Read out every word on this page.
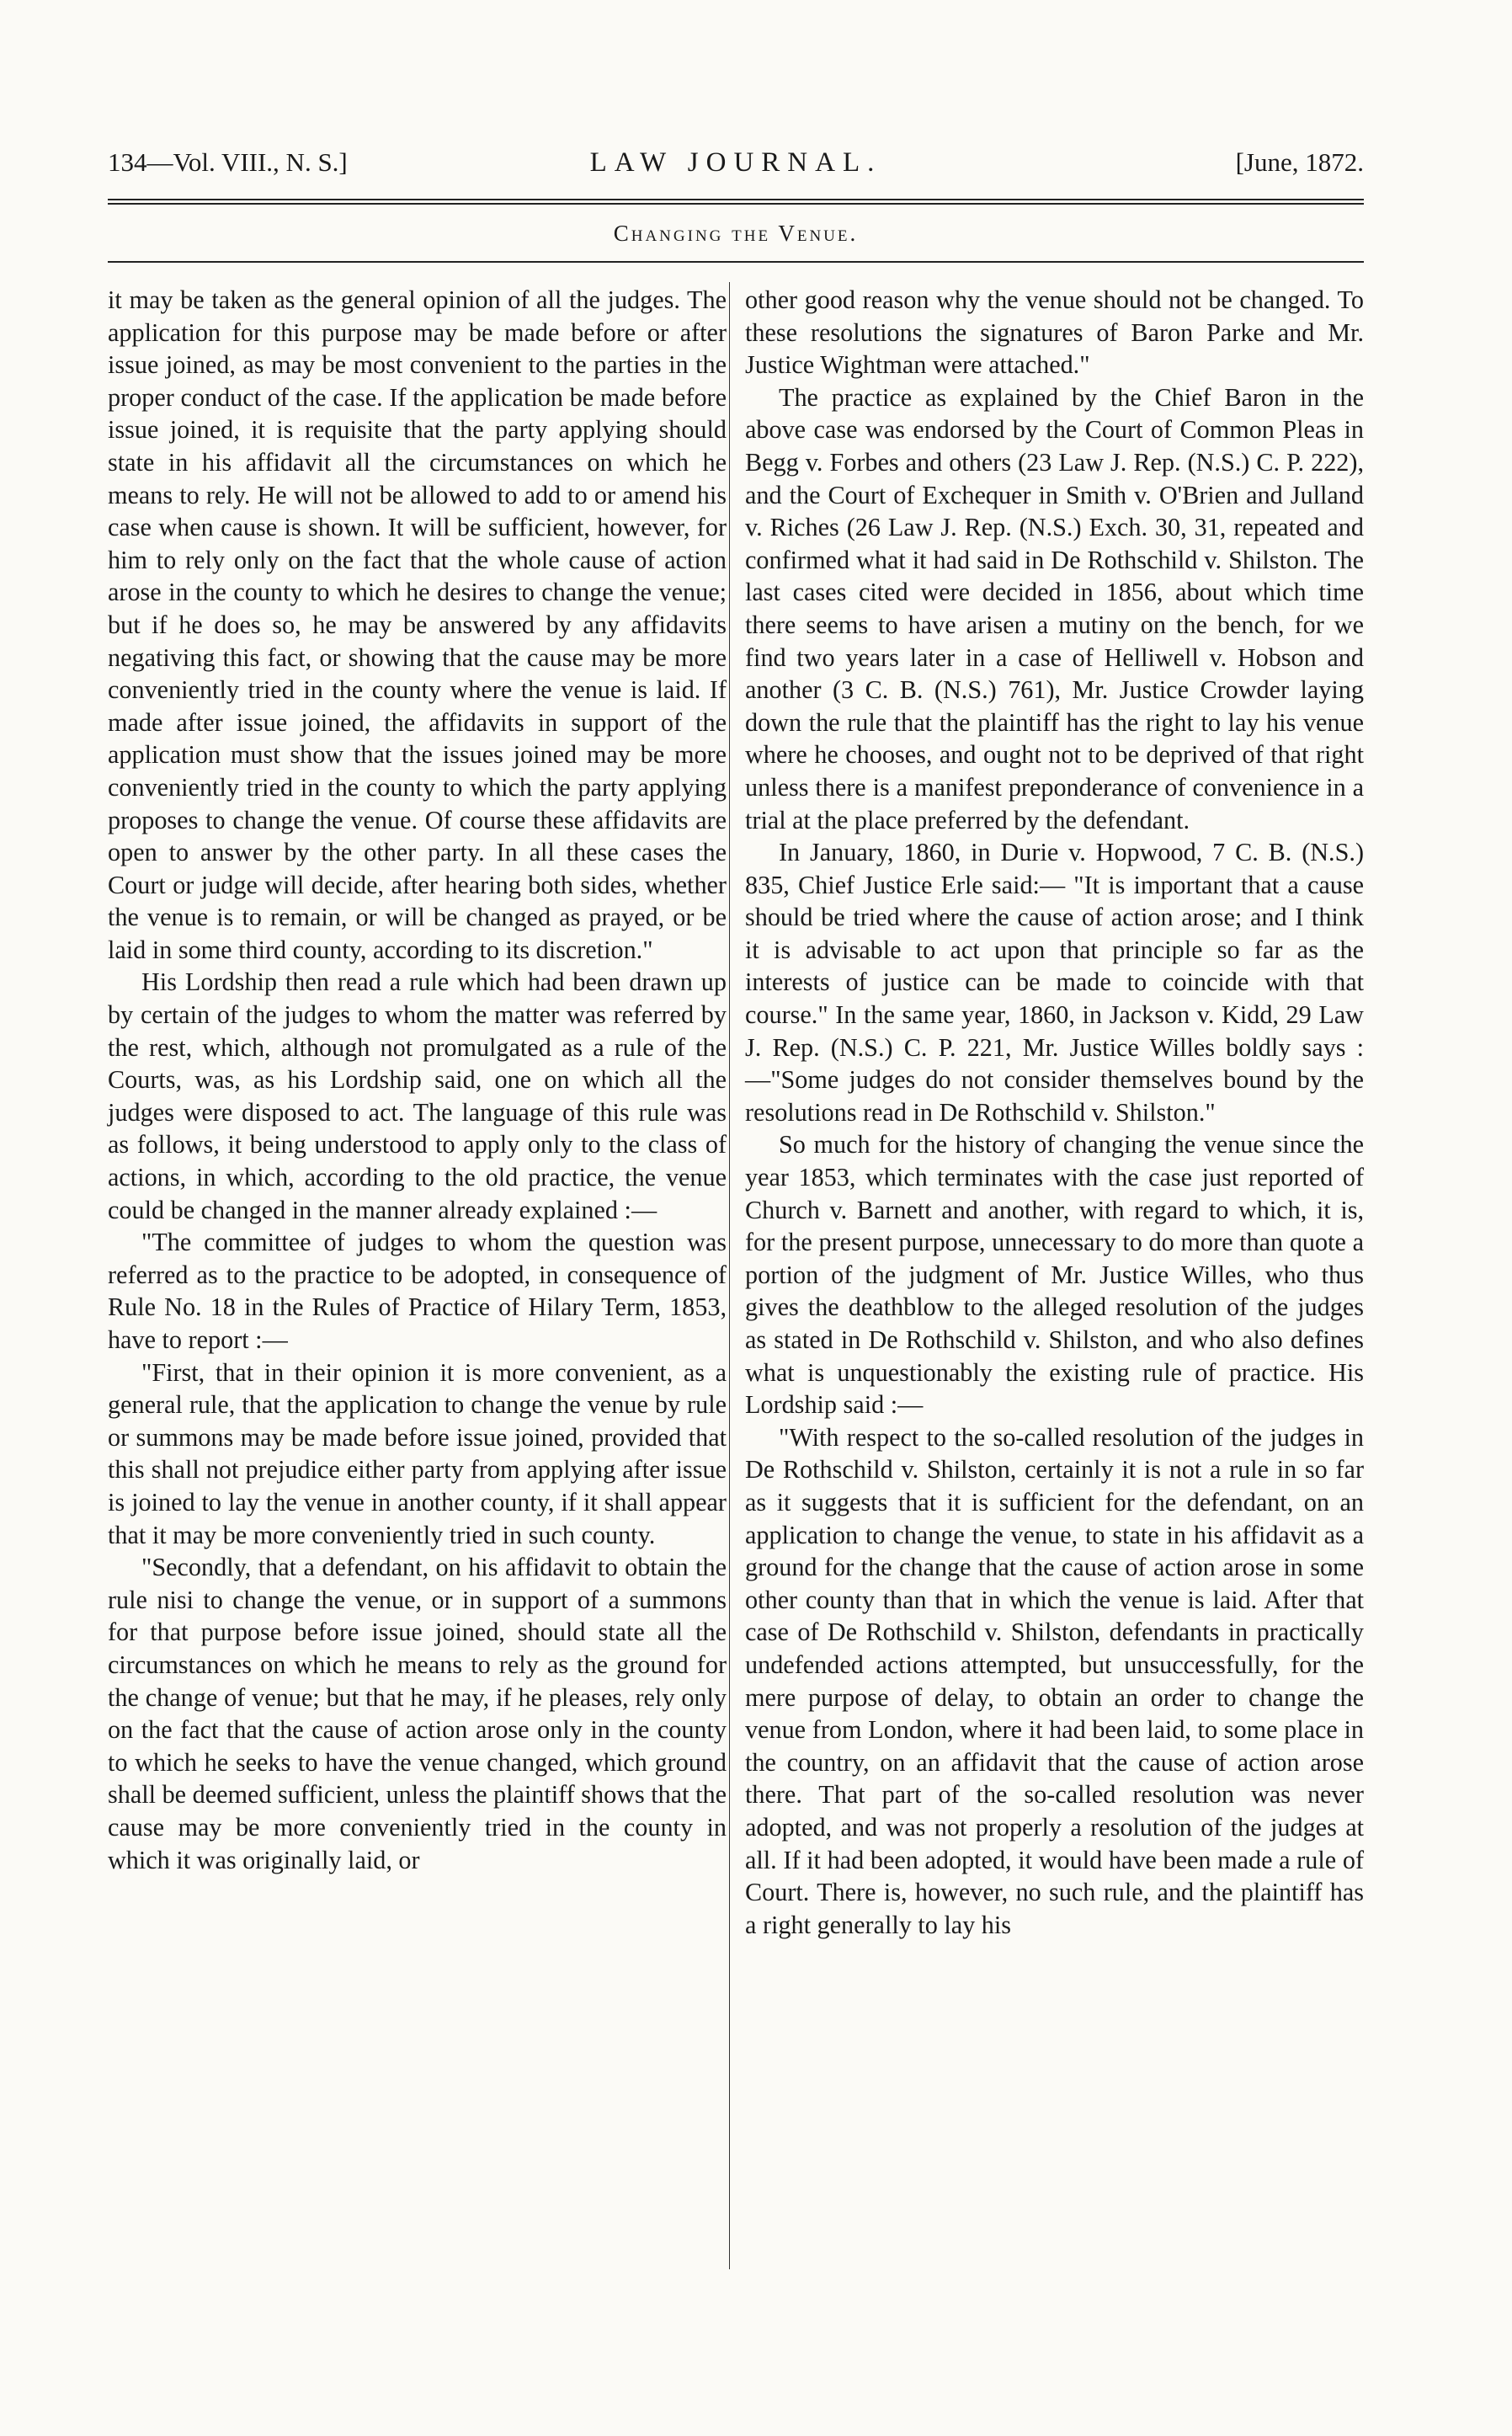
134—Vol. VIII., N. S.]	LAW JOURNAL.	[June, 1872.
Changing the Venue.

it may be taken as the general opinion of all the judges. The application for this purpose may be made before or after issue joined, as may be most convenient to the parties in the proper conduct of the case. If the application be made before issue joined, it is requisite that the party applying should state in his affidavit all the circumstances on which he means to rely. He will not be allowed to add to or amend his case when cause is shown. It will be sufficient, however, for him to rely only on the fact that the whole cause of action arose in the county to which he desires to change the venue; but if he does so, he may be answered by any affidavits negativing this fact, or showing that the cause may be more conveniently tried in the county where the venue is laid. If made after issue joined, the affidavits in support of the application must show that the issues joined may be more conveniently tried in the county to which the party applying proposes to change the venue. Of course these affidavits are open to answer by the other party. In all these cases the Court or judge will decide, after hearing both sides, whether the venue is to remain, or will be changed as prayed, or be laid in some third county, according to its discretion."

His Lordship then read a rule which had been drawn up by certain of the judges to whom the matter was referred by the rest, which, although not promulgated as a rule of the Courts, was, as his Lordship said, one on which all the judges were disposed to act. The language of this rule was as follows, it being understood to apply only to the class of actions, in which, according to the old practice, the venue could be changed in the manner already explained :—

"The committee of judges to whom the question was referred as to the practice to be adopted, in consequence of Rule No. 18 in the Rules of Practice of Hilary Term, 1853, have to report :—

"First, that in their opinion it is more convenient, as a general rule, that the application to change the venue by rule or summons may be made before issue joined, provided that this shall not prejudice either party from applying after issue is joined to lay the venue in another county, if it shall appear that it may be more conveniently tried in such county.

"Secondly, that a defendant, on his affidavit to obtain the rule nisi to change the venue, or in support of a summons for that purpose before issue joined, should state all the circumstances on which he means to rely as the ground for the change of venue; but that he may, if he pleases, rely only on the fact that the cause of action arose only in the county to which he seeks to have the venue changed, which ground shall be deemed sufficient, unless the plaintiff shows that the cause may be more conveniently tried in the county in which it was originally laid, or

other good reason why the venue should not be changed. To these resolutions the signatures of Baron Parke and Mr. Justice Wightman were attached."

The practice as explained by the Chief Baron in the above case was endorsed by the Court of Common Pleas in Begg v. Forbes and others (23 Law J. Rep. (N.S.) C. P. 222), and the Court of Exchequer in Smith v. O'Brien and Julland v. Riches (26 Law J. Rep. (N.S.) Exch. 30, 31, repeated and confirmed what it had said in De Rothschild v. Shilston. The last cases cited were decided in 1856, about which time there seems to have arisen a mutiny on the bench, for we find two years later in a case of Helliwell v. Hobson and another (3 C. B. (N.S.) 761), Mr. Justice Crowder laying down the rule that the plaintiff has the right to lay his venue where he chooses, and ought not to be deprived of that right unless there is a manifest preponderance of convenience in a trial at the place preferred by the defendant.

In January, 1860, in Durie v. Hopwood, 7 C. B. (N.S.) 835, Chief Justice Erle said:— "It is important that a cause should be tried where the cause of action arose; and I think it is advisable to act upon that principle so far as the interests of justice can be made to coincide with that course." In the same year, 1860, in Jackson v. Kidd, 29 Law J. Rep. (N.S.) C. P. 221, Mr. Justice Willes boldly says :—"Some judges do not consider themselves bound by the resolutions read in De Rothschild v. Shilston."

So much for the history of changing the venue since the year 1853, which terminates with the case just reported of Church v. Barnett and another, with regard to which, it is, for the present purpose, unnecessary to do more than quote a portion of the judgment of Mr. Justice Willes, who thus gives the deathblow to the alleged resolution of the judges as stated in De Rothschild v. Shilston, and who also defines what is unquestionably the existing rule of practice. His Lordship said :—

"With respect to the so-called resolution of the judges in De Rothschild v. Shilston, certainly it is not a rule in so far as it suggests that it is sufficient for the defendant, on an application to change the venue, to state in his affidavit as a ground for the change that the cause of action arose in some other county than that in which the venue is laid. After that case of De Rothschild v. Shilston, defendants in practically undefended actions attempted, but unsuccessfully, for the mere purpose of delay, to obtain an order to change the venue from London, where it had been laid, to some place in the country, on an affidavit that the cause of action arose there. That part of the so-called resolution was never adopted, and was not properly a resolution of the judges at all. If it had been adopted, it would have been made a rule of Court. There is, however, no such rule, and the plaintiff has a right generally to lay his
